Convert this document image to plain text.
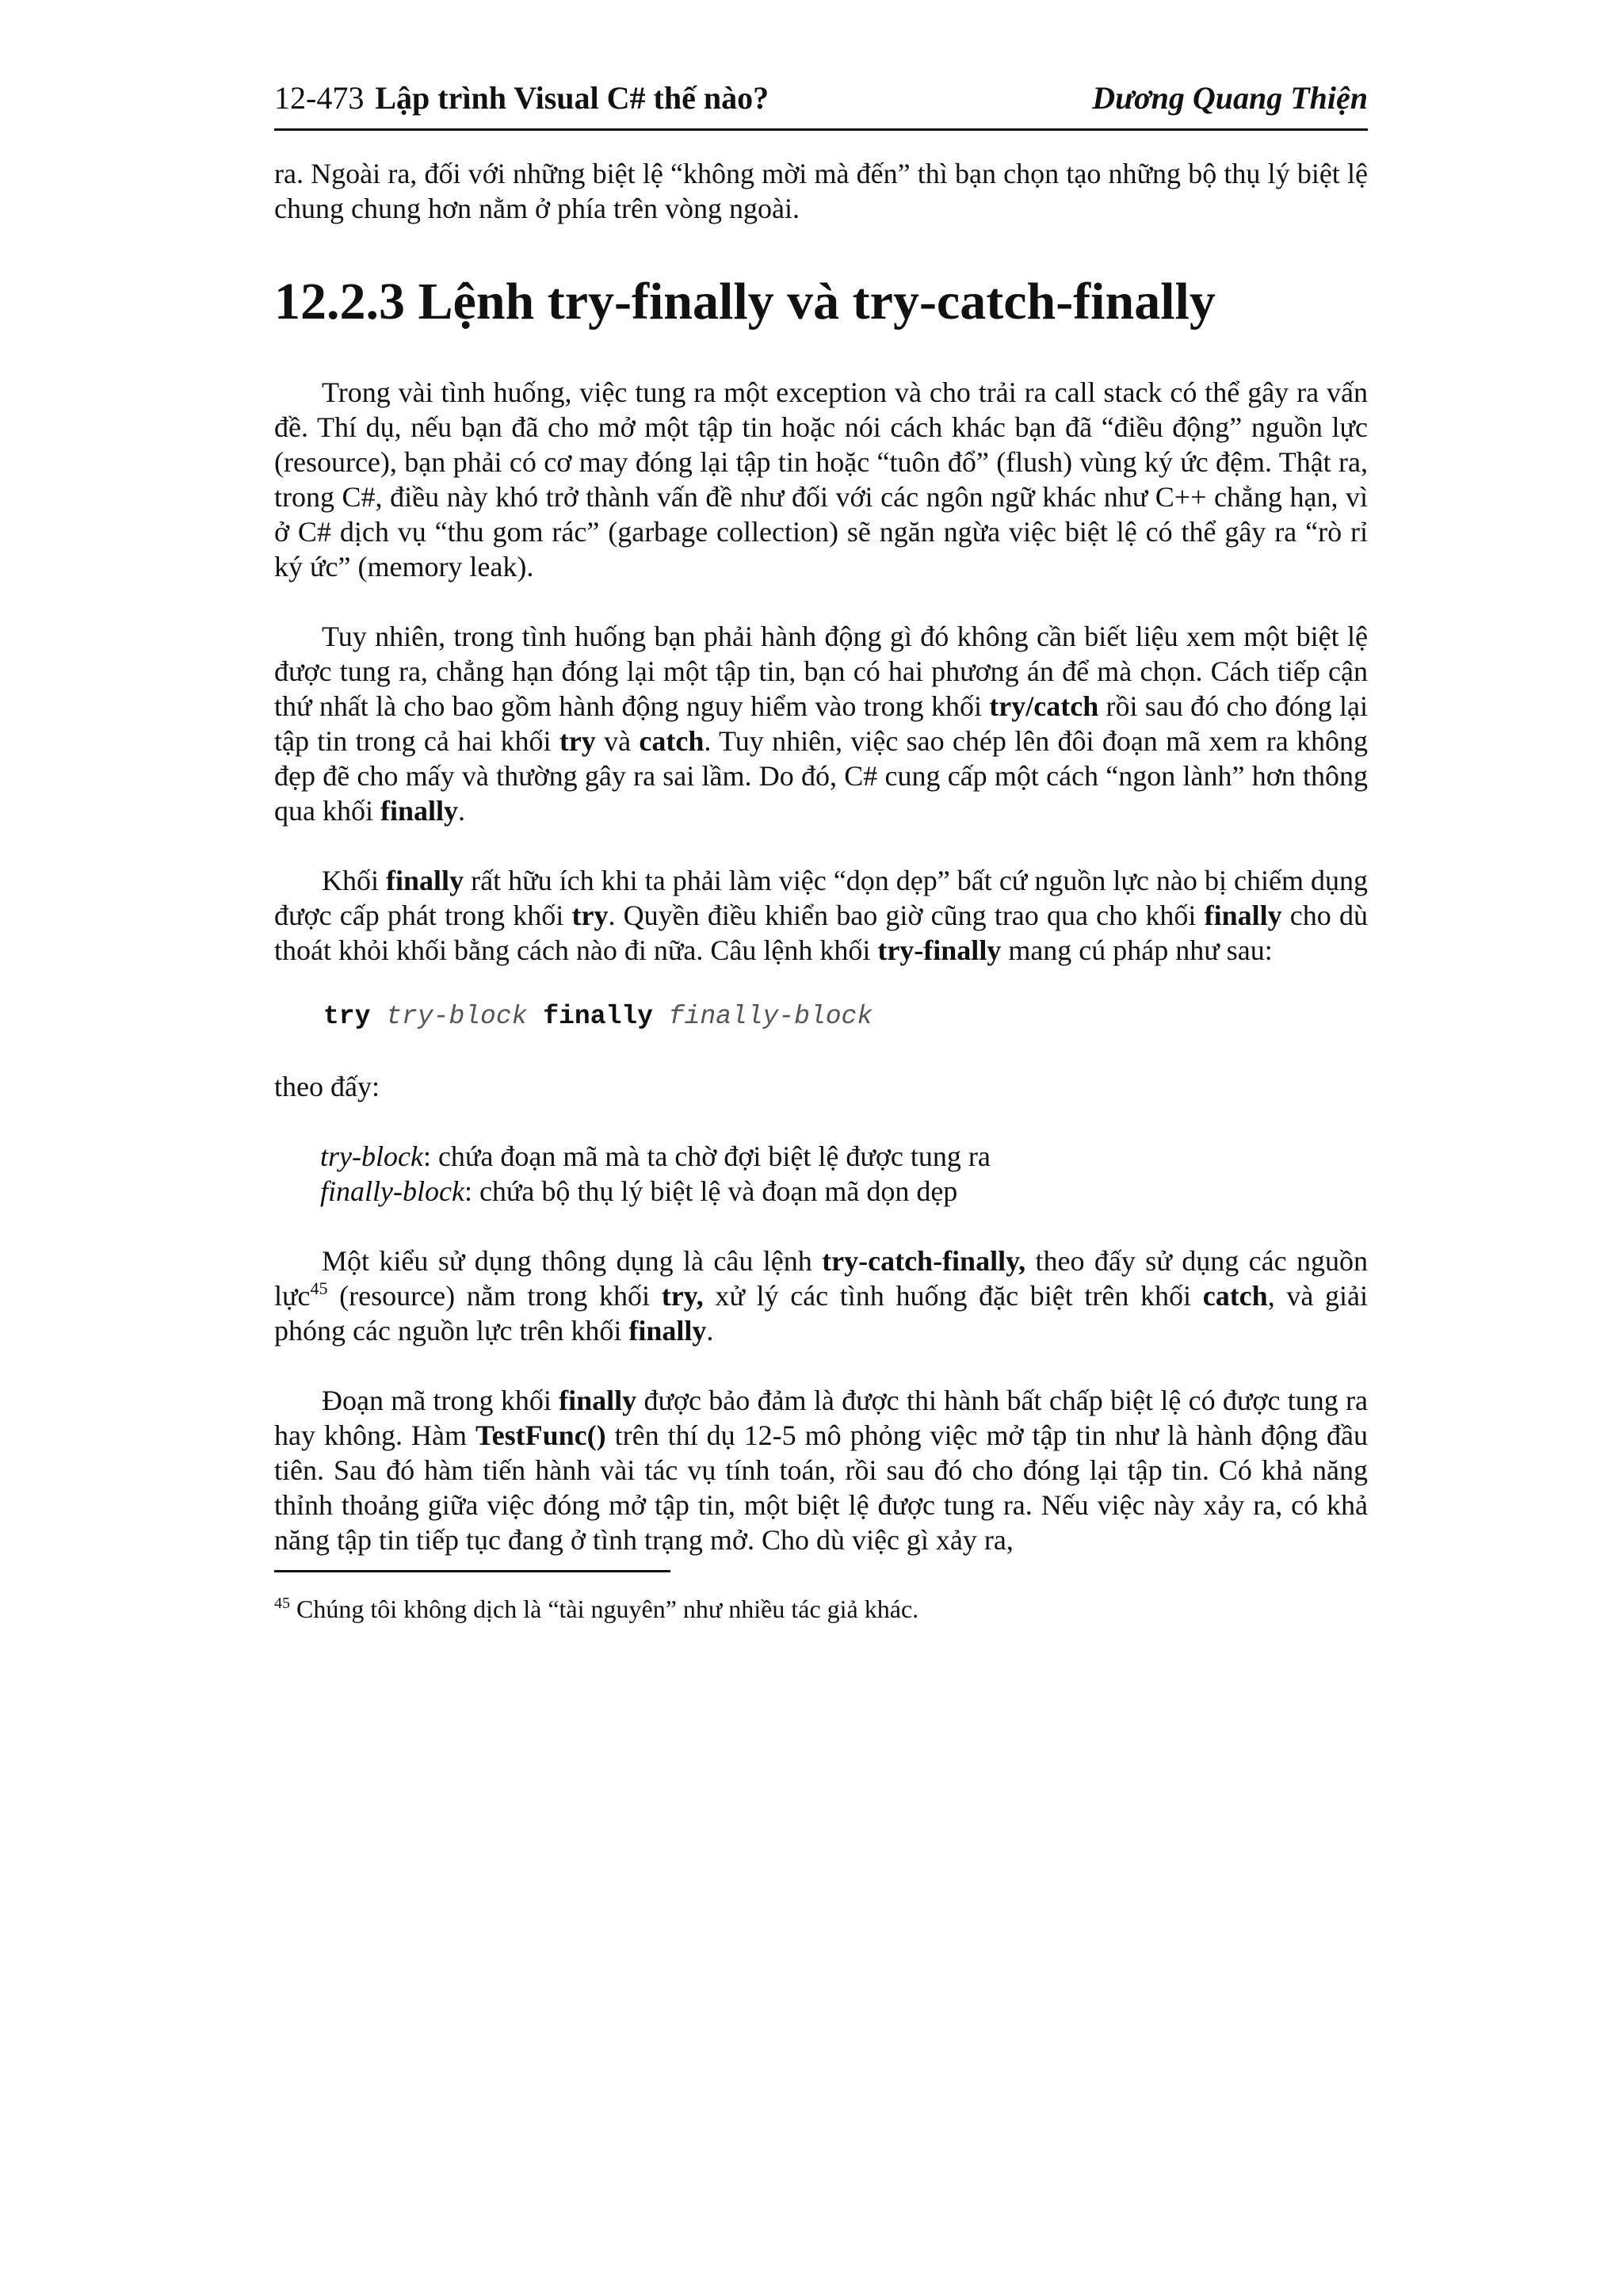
12-473 Lập trình Visual C# thế nào?	Dương Quang Thiện

ra. Ngoài ra, đối với những biệt lệ “không mời mà đến” thì bạn chọn tạo những bộ thụ lý biệt lệ chung chung hơn nằm ở phía trên vòng ngoài.

12.2.3 Lệnh try-finally và try-catch-finally

Trong vài tình huống, việc tung ra một exception và cho trải ra call stack có thể gây ra vấn đề. Thí dụ, nếu bạn đã cho mở một tập tin hoặc nói cách khác bạn đã “điều động” nguồn lực (resource), bạn phải có cơ may đóng lại tập tin hoặc “tuôn đổ” (flush) vùng ký ức đệm. Thật ra, trong C#, điều này khó trở thành vấn đề như đối với các ngôn ngữ khác như C++ chẳng hạn, vì ở C# dịch vụ “thu gom rác” (garbage collection) sẽ ngăn ngừa việc biệt lệ có thể gây ra “rò rỉ ký ức” (memory leak).

Tuy nhiên, trong tình huống bạn phải hành động gì đó không cần biết liệu xem một biệt lệ được tung ra, chẳng hạn đóng lại một tập tin, bạn có hai phương án để mà chọn. Cách tiếp cận thứ nhất là cho bao gồm hành động nguy hiểm vào trong khối try/catch rồi sau đó cho đóng lại tập tin trong cả hai khối try và catch. Tuy nhiên, việc sao chép lên đôi đoạn mã xem ra không đẹp đẽ cho mấy và thường gây ra sai lầm. Do đó, C# cung cấp một cách “ngon lành” hơn thông qua khối finally.

Khối finally rất hữu ích khi ta phải làm việc “dọn dẹp” bất cứ nguồn lực nào bị chiếm dụng được cấp phát trong khối try. Quyền điều khiển bao giờ cũng trao qua cho khối finally cho dù thoát khỏi khối bằng cách nào đi nữa. Câu lệnh khối try-finally mang cú pháp như sau:

try try-block finally finally-block

theo đấy:

try-block: chứa đoạn mã mà ta chờ đợi biệt lệ được tung ra
finally-block: chứa bộ thụ lý biệt lệ và đoạn mã dọn dẹp

Một kiểu sử dụng thông dụng là câu lệnh try-catch-finally, theo đấy sử dụng các nguồn lực$^{45}$ (resource) nằm trong khối try, xử lý các tình huống đặc biệt trên khối catch, và giải phóng các nguồn lực trên khối finally.

Đoạn mã trong khối finally được bảo đảm là được thi hành bất chấp biệt lệ có được tung ra hay không. Hàm TestFunc() trên thí dụ 12-5 mô phỏng việc mở tập tin như là hành động đầu tiên. Sau đó hàm tiến hành vài tác vụ tính toán, rồi sau đó cho đóng lại tập tin. Có khả năng thỉnh thoảng giữa việc đóng mở tập tin, một biệt lệ được tung ra. Nếu việc này xảy ra, có khả năng tập tin tiếp tục đang ở tình trạng mở. Cho dù việc gì xảy ra,

$^{45}$ Chúng tôi không dịch là “tài nguyên” như nhiều tác giả khác.
